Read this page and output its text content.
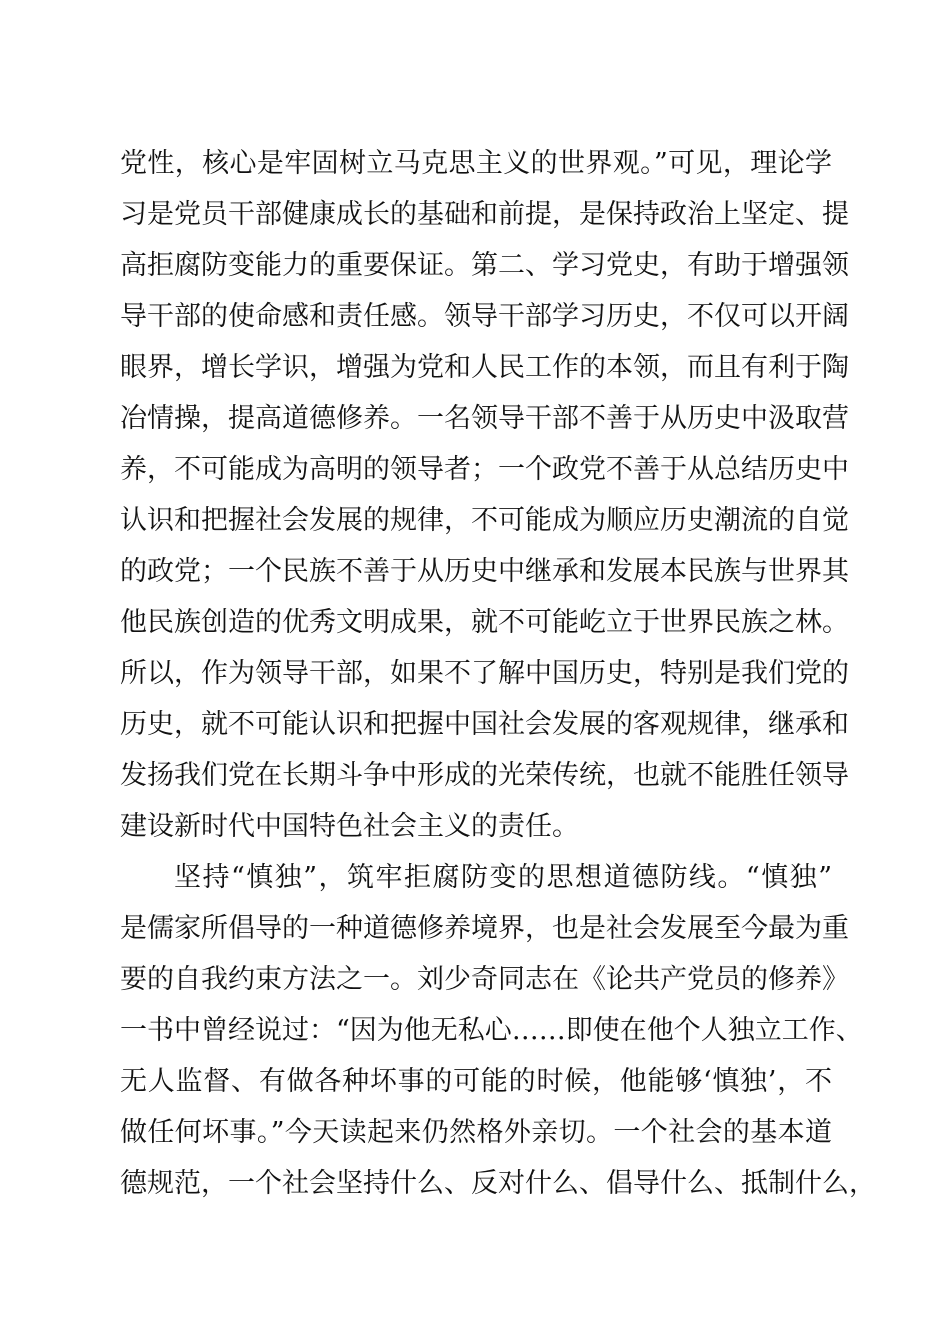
党性，核心是牢固树立马克思主义的世界观。”可见，理论学
习是党员干部健康成长的基础和前提，是保持政治上坚定、提
高拒腐防变能力的重要保证。第二、学习党史，有助于增强领
导干部的使命感和责任感。领导干部学习历史，不仅可以开阔
眼界，增长学识，增强为党和人民工作的本领，而且有利于陶
冶情操，提高道德修养。一名领导干部不善于从历史中汲取营
养，不可能成为高明的领导者；一个政党不善于从总结历史中
认识和把握社会发展的规律，不可能成为顺应历史潮流的自觉
的政党；一个民族不善于从历史中继承和发展本民族与世界其
他民族创造的优秀文明成果，就不可能屹立于世界民族之林。
所以，作为领导干部，如果不了解中国历史，特别是我们党的
历史，就不可能认识和把握中国社会发展的客观规律，继承和
发扬我们党在长期斗争中形成的光荣传统，也就不能胜任领导
建设新时代中国特色社会主义的责任。
坚持“慎独”，筑牢拒腐防变的思想道德防线。“慎独”
是儒家所倡导的一种道德修养境界，也是社会发展至今最为重
要的自我约束方法之一。刘少奇同志在《论共产党员的修养》
一书中曾经说过：“因为他无私心……即使在他个人独立工作、
无人监督、有做各种坏事的可能的时候，他能够‘慎独’，不
做任何坏事。”今天读起来仍然格外亲切。一个社会的基本道
德规范，一个社会坚持什么、反对什么、倡导什么、抵制什么，
